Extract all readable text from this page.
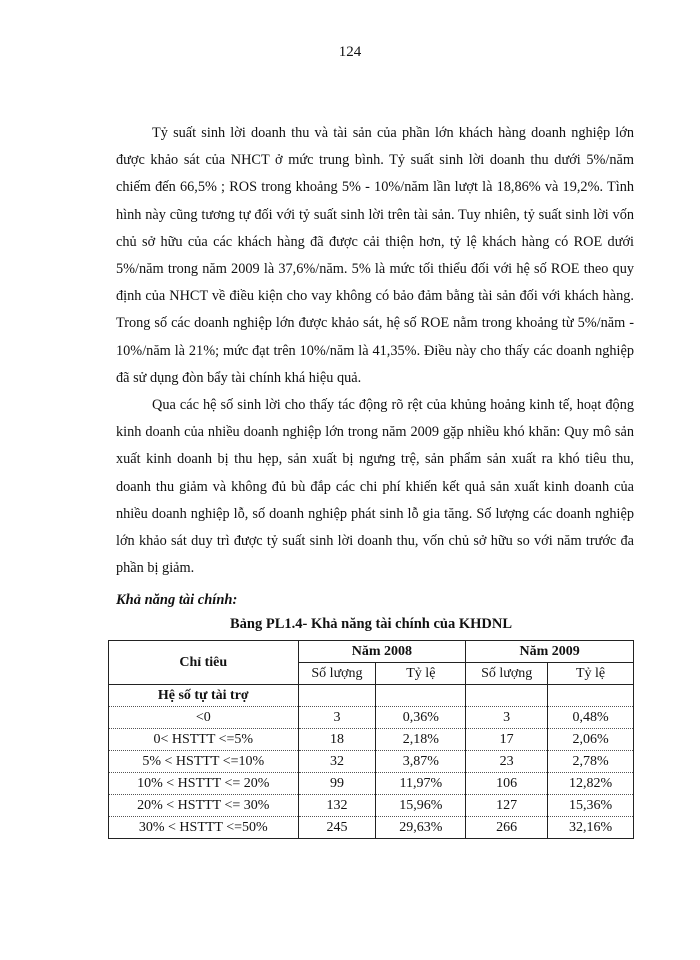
124

Tỷ suất sinh lời doanh thu và tài sản của phần lớn khách hàng doanh nghiệp lớn được khảo sát của NHCT ở mức trung bình. Tỷ suất sinh lời doanh thu dưới 5%/năm chiếm đến 66,5% ; ROS trong khoảng 5% - 10%/năm lần lượt là 18,86% và 19,2%. Tình hình này cũng tương tự đối với tỷ suất sinh lời trên tài sản. Tuy nhiên, tỷ suất sinh lời vốn chủ sở hữu của các khách hàng đã được cải thiện hơn, tỷ lệ khách hàng có ROE dưới 5%/năm trong năm 2009 là 37,6%/năm. 5% là mức tối thiểu đối với hệ số ROE theo quy định của NHCT về điều kiện cho vay không có bảo đảm bằng tài sản đối với khách hàng. Trong số các doanh nghiệp lớn được khảo sát, hệ số ROE nằm trong khoảng từ 5%/năm - 10%/năm là 21%; mức đạt trên 10%/năm là 41,35%. Điều này cho thấy các doanh nghiệp đã sử dụng đòn bẩy tài chính khá hiệu quả.

Qua các hệ số sinh lời cho thấy tác động rõ rệt của khủng hoảng kinh tế, hoạt động kinh doanh của nhiều doanh nghiệp lớn trong năm 2009 gặp nhiều khó khăn: Quy mô sản xuất kinh doanh bị thu hẹp, sản xuất bị ngưng trệ, sản phẩm sản xuất ra khó tiêu thu, doanh thu giảm và không đủ bù đắp các chi phí khiến kết quả sản xuất kinh doanh của nhiều doanh nghiệp lỗ, số doanh nghiệp phát sinh lỗ gia tăng. Số lượng các doanh nghiệp lớn khảo sát duy trì được tỷ suất sinh lời doanh thu, vốn chủ sở hữu so với năm trước đa phần bị giảm.

Khả năng tài chính:
Bảng PL1.4- Khả năng tài chính của KHDNL
Chỉ tiêu	Năm 2008		Năm 2009	
	Số lượng	Tỷ lệ	Số lượng	Tỷ lệ
Hệ số tự tài trợ				
<0	3	0,36%	3	0,48%
0< HSTTT <=5%	18	2,18%	17	2,06%
5% < HSTTT <=10%	32	3,87%	23	2,78%
10% < HSTTT <= 20%	99	11,97%	106	12,82%
20% < HSTTT <= 30%	132	15,96%	127	15,36%
30% < HSTTT <=50%	245	29,63%	266	32,16%
